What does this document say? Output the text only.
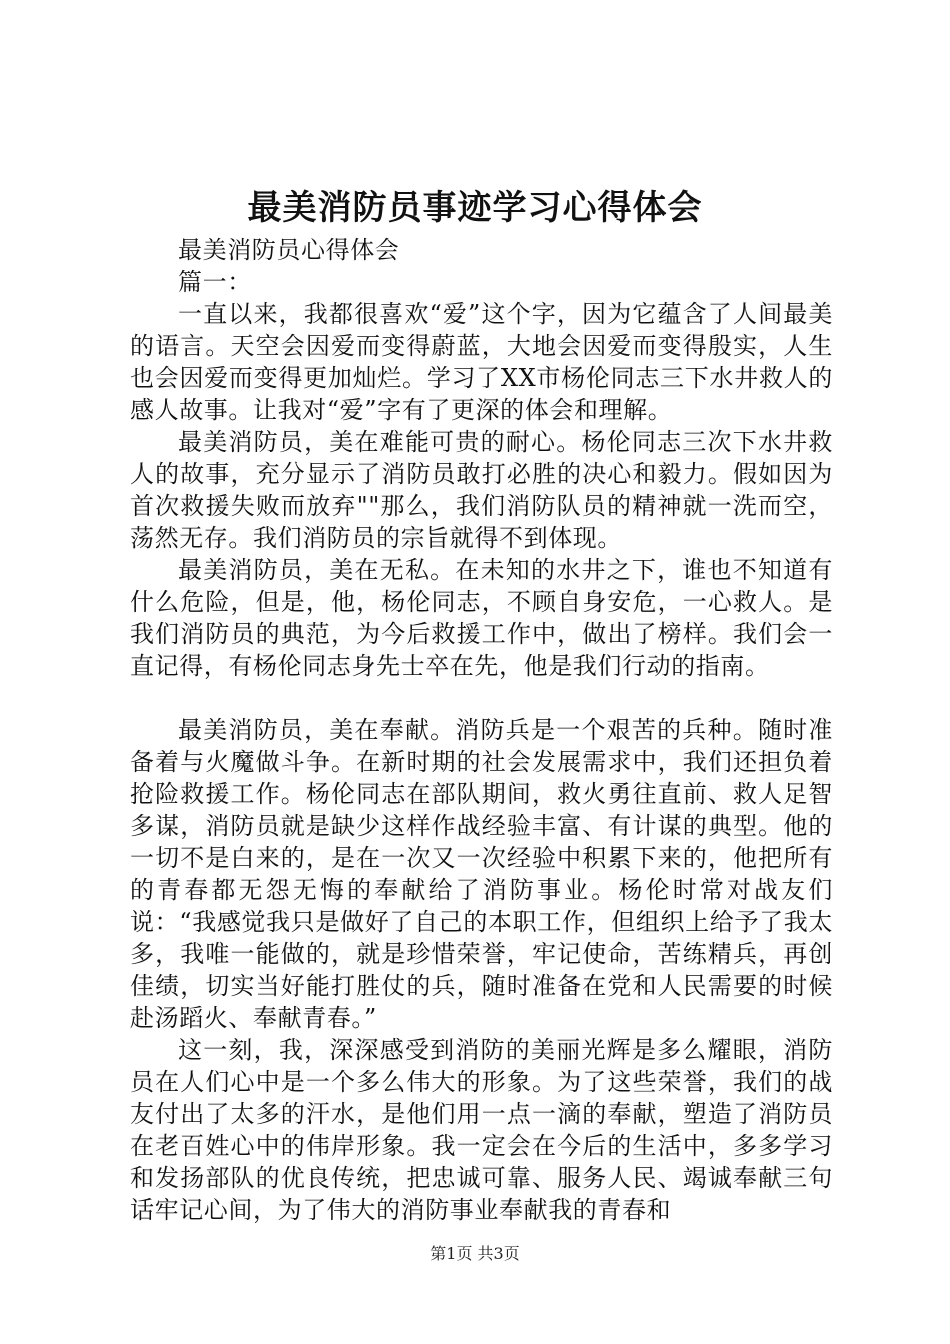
最美消防员事迹学习心得体会

最美消防员心得体会

篇一：

一直以来，我都很喜欢“爱”这个字，因为它蕴含了人间最美的语言。天空会因爱而变得蔚蓝，大地会因爱而变得殷实，人生也会因爱而变得更加灿烂。学习了XX市杨伦同志三下水井救人的感人故事。让我对“爱”字有了更深的体会和理解。

最美消防员，美在难能可贵的耐心。杨伦同志三次下水井救人的故事，充分显示了消防员敢打必胜的决心和毅力。假如因为首次救援失败而放弃""那么，我们消防队员的精神就一洗而空，荡然无存。我们消防员的宗旨就得不到体现。

最美消防员，美在无私。在未知的水井之下，谁也不知道有什么危险，但是，他，杨伦同志，不顾自身安危，一心救人。是我们消防员的典范，为今后救援工作中，做出了榜样。我们会一直记得，有杨伦同志身先士卒在先，他是我们行动的指南。

最美消防员，美在奉献。消防兵是一个艰苦的兵种。随时准备着与火魔做斗争。在新时期的社会发展需求中，我们还担负着抢险救援工作。杨伦同志在部队期间，救火勇往直前、救人足智多谋，消防员就是缺少这样作战经验丰富、有计谋的典型。他的一切不是白来的，是在一次又一次经验中积累下来的，他把所有的青春都无怨无悔的奉献给了消防事业。杨伦时常对战友们说：“我感觉我只是做好了自己的本职工作，但组织上给予了我太多，我唯一能做的，就是珍惜荣誉，牢记使命，苦练精兵，再创佳绩，切实当好能打胜仗的兵，随时准备在党和人民需要的时候赴汤蹈火、奉献青春。”

这一刻，我，深深感受到消防的美丽光辉是多么耀眼，消防员在人们心中是一个多么伟大的形象。为了这些荣誉，我们的战友付出了太多的汗水，是他们用一点一滴的奉献，塑造了消防员在老百姓心中的伟岸形象。我一定会在今后的生活中，多多学习和发扬部队的优良传统，把忠诚可靠、服务人民、竭诚奉献三句话牢记心间，为了伟大的消防事业奉献我的青春和

第1页 共3页
